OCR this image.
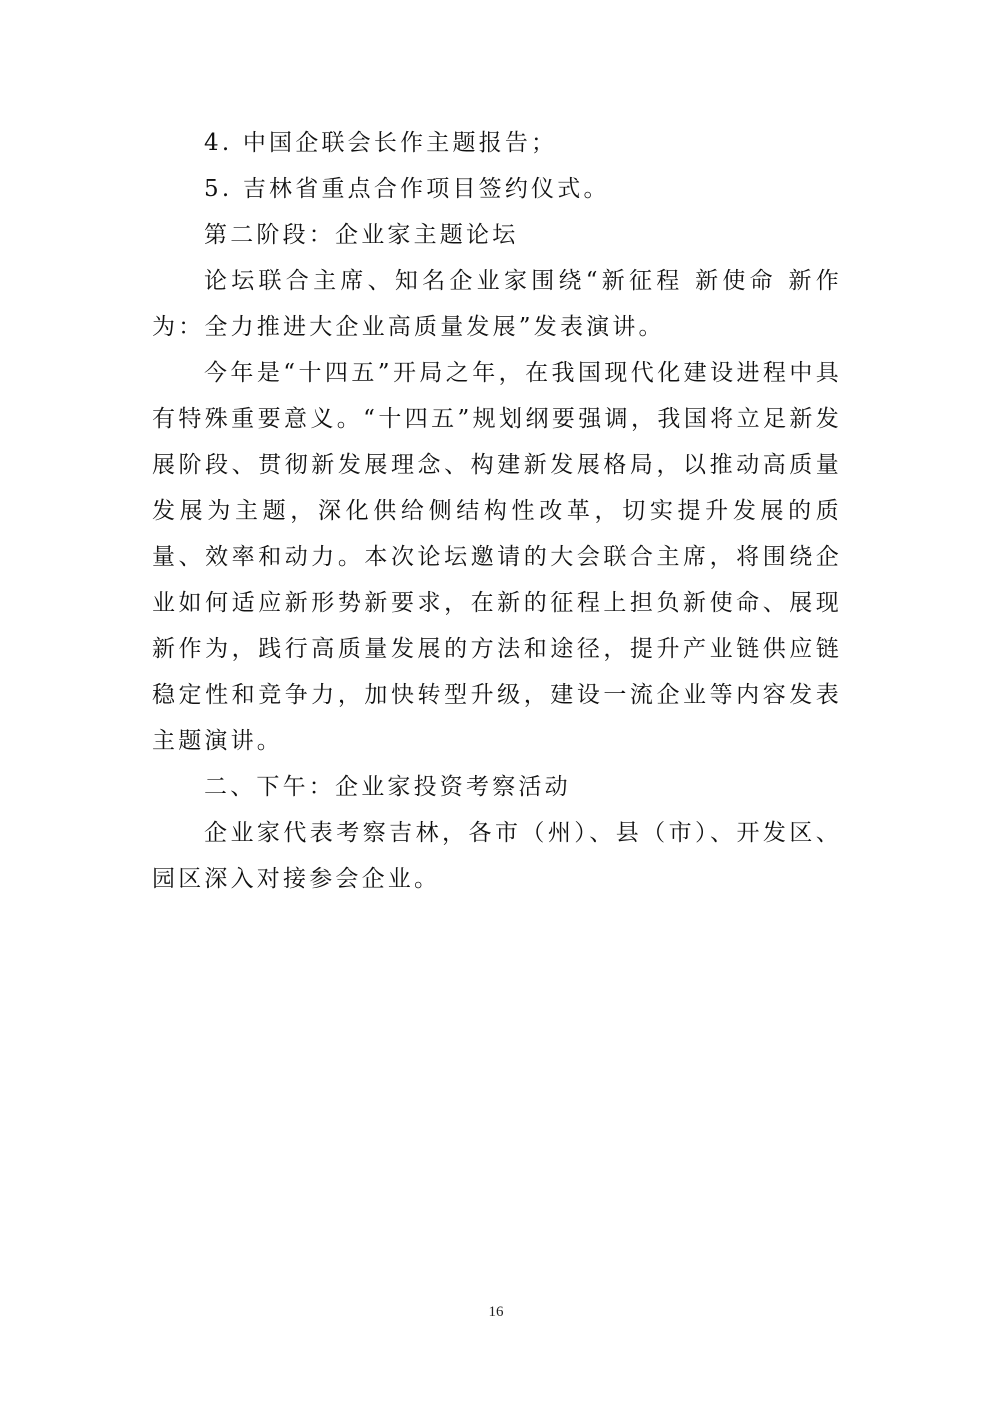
4. 中国企联会长作主题报告；

5. 吉林省重点合作项目签约仪式。

第二阶段：企业家主题论坛

论坛联合主席、知名企业家围绕“新征程 新使命 新作为：全力推进大企业高质量发展”发表演讲。

今年是“十四五”开局之年，在我国现代化建设进程中具有特殊重要意义。“十四五”规划纲要强调，我国将立足新发展阶段、贯彻新发展理念、构建新发展格局，以推动高质量发展为主题，深化供给侧结构性改革，切实提升发展的质量、效率和动力。本次论坛邀请的大会联合主席，将围绕企业如何适应新形势新要求，在新的征程上担负新使命、展现新作为，践行高质量发展的方法和途径，提升产业链供应链稳定性和竞争力，加快转型升级，建设一流企业等内容发表主题演讲。

二、下午：企业家投资考察活动

企业家代表考察吉林，各市（州）、县（市）、开发区、园区深入对接参会企业。

16
